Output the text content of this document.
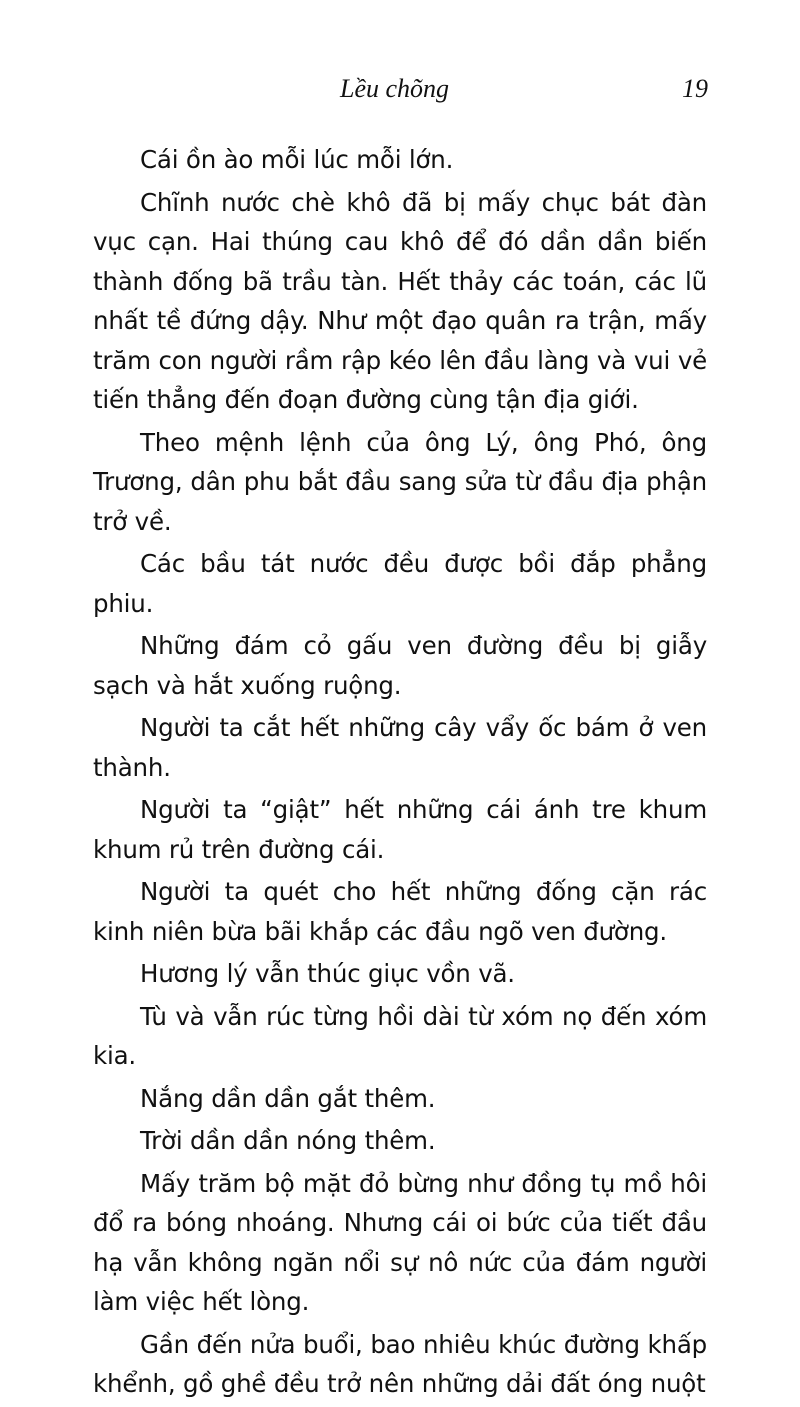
Lều chõng	19

Cái ồn ào mỗi lúc mỗi lớn.

Chĩnh nước chè khô đã bị mấy chục bát đàn vục cạn. Hai thúng cau khô để đó dần dần biến thành đống bã trầu tàn. Hết thảy các toán, các lũ nhất tề đứng dậy. Như một đạo quân ra trận, mấy trăm con người rầm rập kéo lên đầu làng và vui vẻ tiến thẳng đến đoạn đường cùng tận địa giới.

Theo mệnh lệnh của ông Lý, ông Phó, ông Trương, dân phu bắt đầu sang sửa từ đầu địa phận trở về.

Các bầu tát nước đều được bồi đắp phẳng phiu.

Những đám cỏ gấu ven đường đều bị giẫy sạch và hắt xuống ruộng.

Người ta cắt hết những cây vẩy ốc bám ở ven thành.

Người ta “giật” hết những cái ánh tre khum khum rủ trên đường cái.

Người ta quét cho hết những đống cặn rác kinh niên bừa bãi khắp các đầu ngõ ven đường.

Hương lý vẫn thúc giục vồn vã.

Tù và vẫn rúc từng hồi dài từ xóm nọ đến xóm kia.

Nắng dần dần gắt thêm.

Trời dần dần nóng thêm.

Mấy trăm bộ mặt đỏ bừng như đồng tụ mồ hôi đổ ra bóng nhoáng. Nhưng cái oi bức của tiết đầu hạ vẫn không ngăn nổi sự nô nức của đám người làm việc hết lòng.

Gần đến nửa buổi, bao nhiêu khúc đường khấp khểnh, gồ ghề đều trở nên những dải đất óng nuột
